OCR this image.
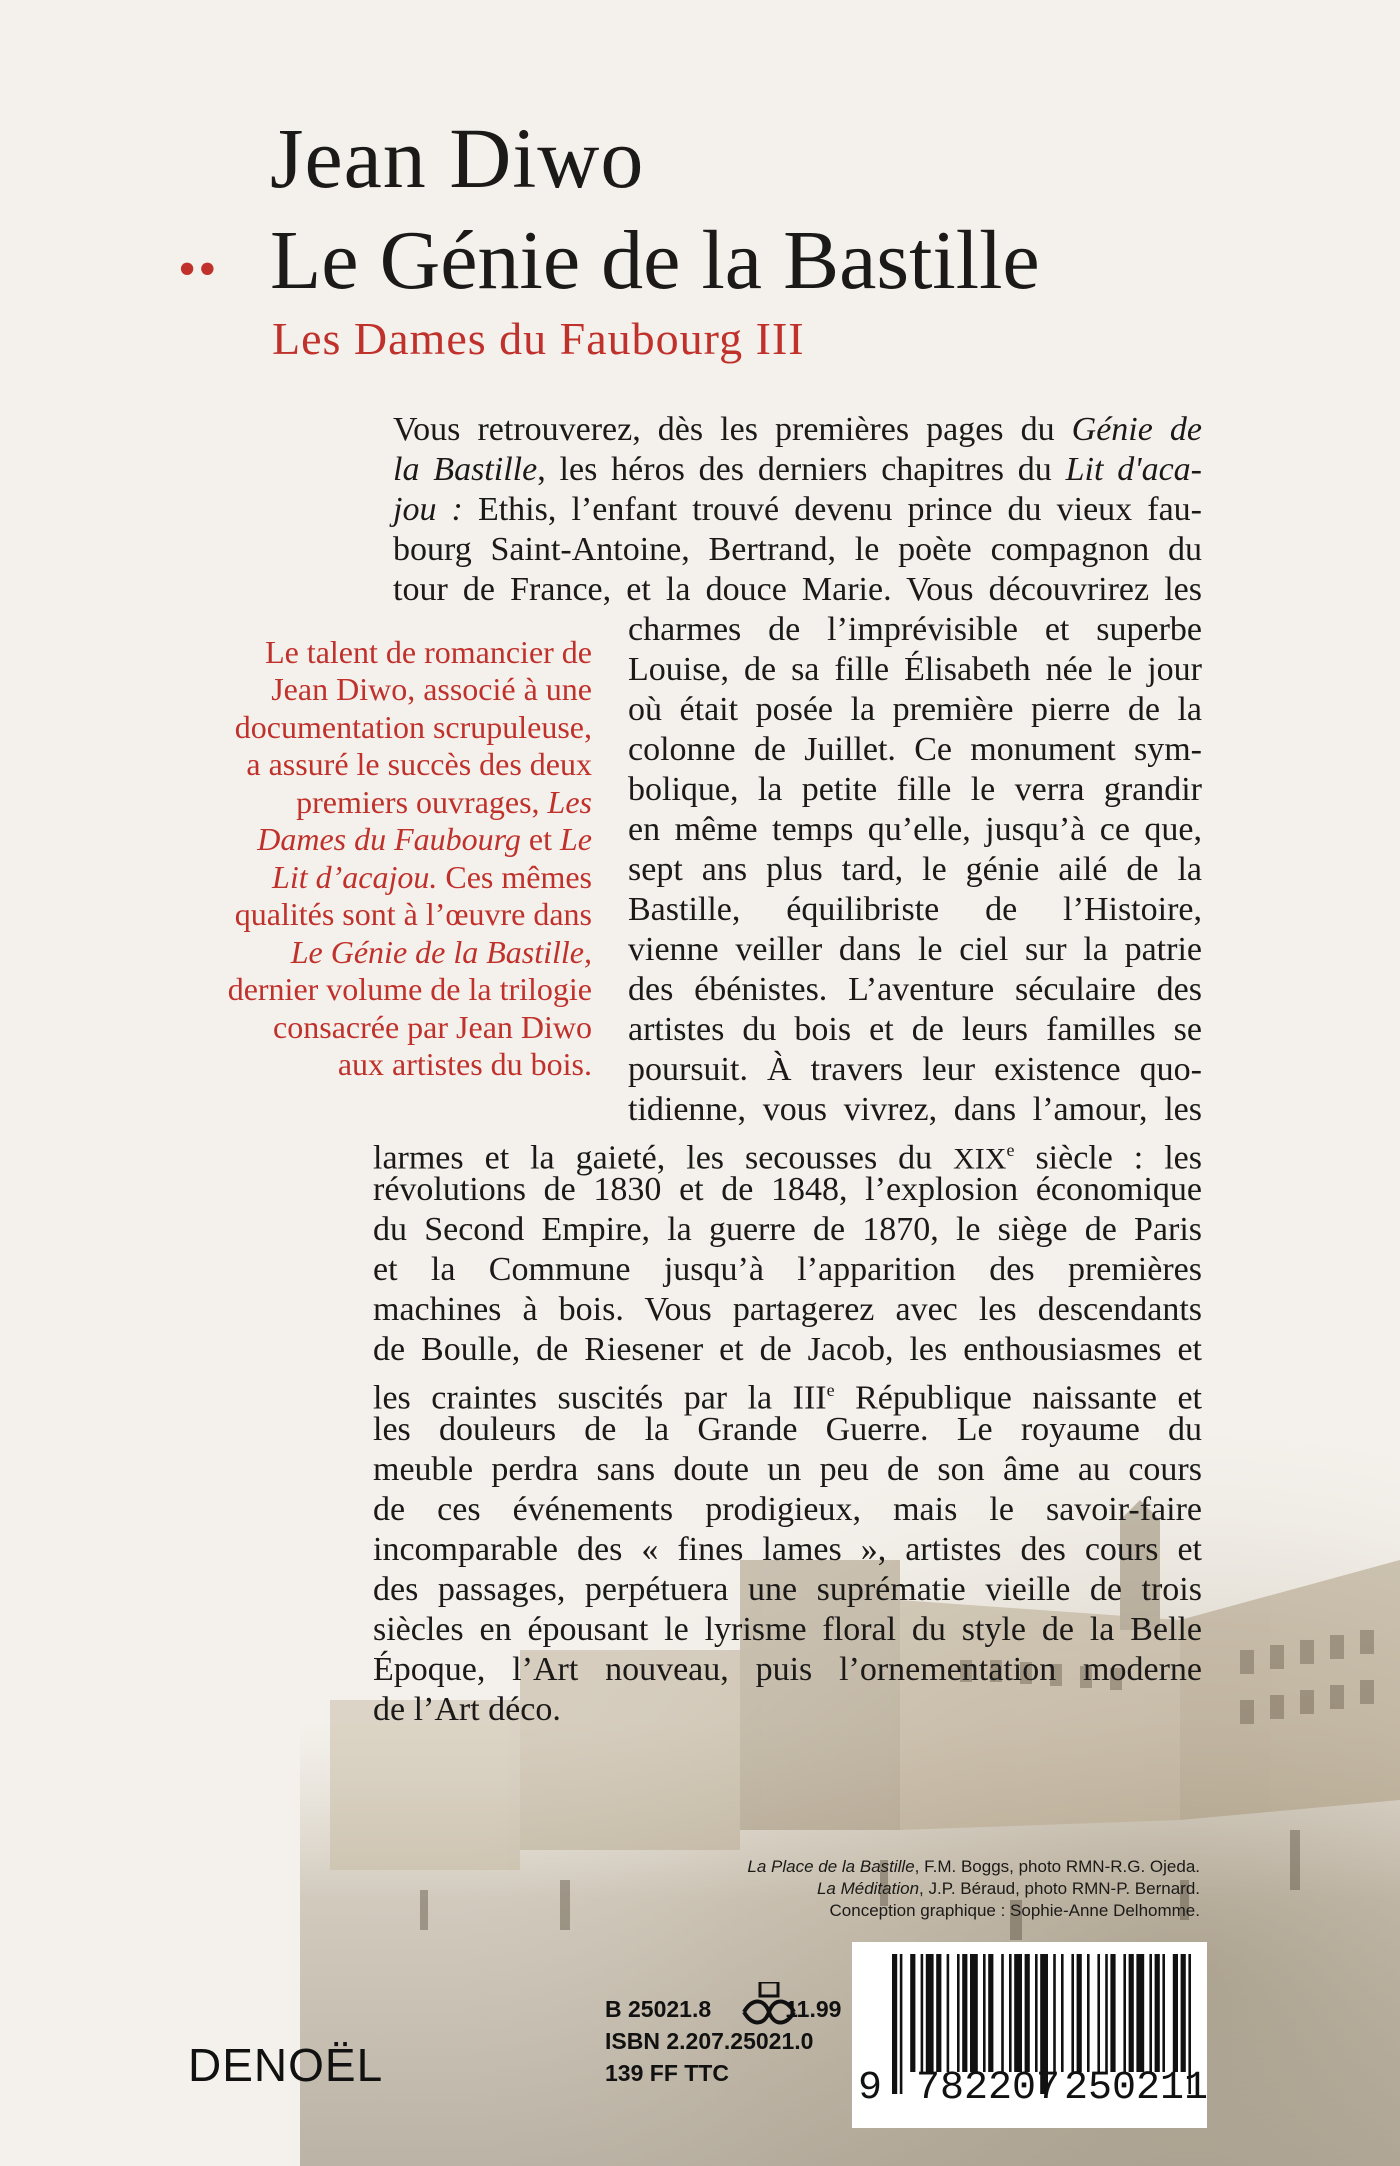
Jean Diwo
•• Le Génie de la Bastille
Les Dames du Faubourg III

Vous retrouverez, dès les premières pages du Génie de

la Bastille, les héros des derniers chapitres du Lit d'aca-

jou : Ethis, l’enfant trouvé devenu prince du vieux fau-

bourg Saint-Antoine, Bertrand, le poète compagnon du

tour de France, et la douce Marie. Vous découvrirez les

charmes de l’imprévisible et superbe

Louise, de sa fille Élisabeth née le jour

où était posée la première pierre de la

colonne de Juillet. Ce monument sym-

bolique, la petite fille le verra grandir

en même temps qu’elle, jusqu’à ce que,

sept ans plus tard, le génie ailé de la

Bastille, équilibriste de l’Histoire,

vienne veiller dans le ciel sur la patrie

des ébénistes. L’aventure séculaire des

artistes du bois et de leurs familles se

poursuit. À travers leur existence quo-

tidienne, vous vivrez, dans l’amour, les

larmes et la gaieté, les secousses du XIXe siècle : les

révolutions de 1830 et de 1848, l’explosion économique

du Second Empire, la guerre de 1870, le siège de Paris

et la Commune jusqu’à l’apparition des premières

machines à bois. Vous partagerez avec les descendants

de Boulle, de Riesener et de Jacob, les enthousiasmes et

les craintes suscités par la IIIe République naissante et

les douleurs de la Grande Guerre. Le royaume du

meuble perdra sans doute un peu de son âme au cours

de ces événements prodigieux, mais le savoir-faire

incomparable des « fines lames », artistes des cours et

des passages, perpétuera une suprématie vieille de trois

siècles en épousant le lyrisme floral du style de la Belle

Époque, l’Art nouveau, puis l’ornementation moderne

de l’Art déco.

Le talent de romancier de
Jean Diwo, associé à une
documentation scrupuleuse,
a assuré le succès des deux
premiers ouvrages, Les
Dames du Faubourg et Le
Lit d’acajou. Ces mêmes
qualités sont à l’œuvre dans
Le Génie de la Bastille,
dernier volume de la trilogie
consacrée par Jean Diwo
aux artistes du bois.
La Place de la Bastille, F.M. Boggs, photo RMN-R.G. Ojeda.
La Méditation, J.P. Béraud, photo RMN-P. Bernard.
Conception graphique : Sophie-Anne Delhomme.
B 25021.8	11.99
ISBN 2.207.25021.0
139 FF TTC	9 782207 250211
DENOËL
